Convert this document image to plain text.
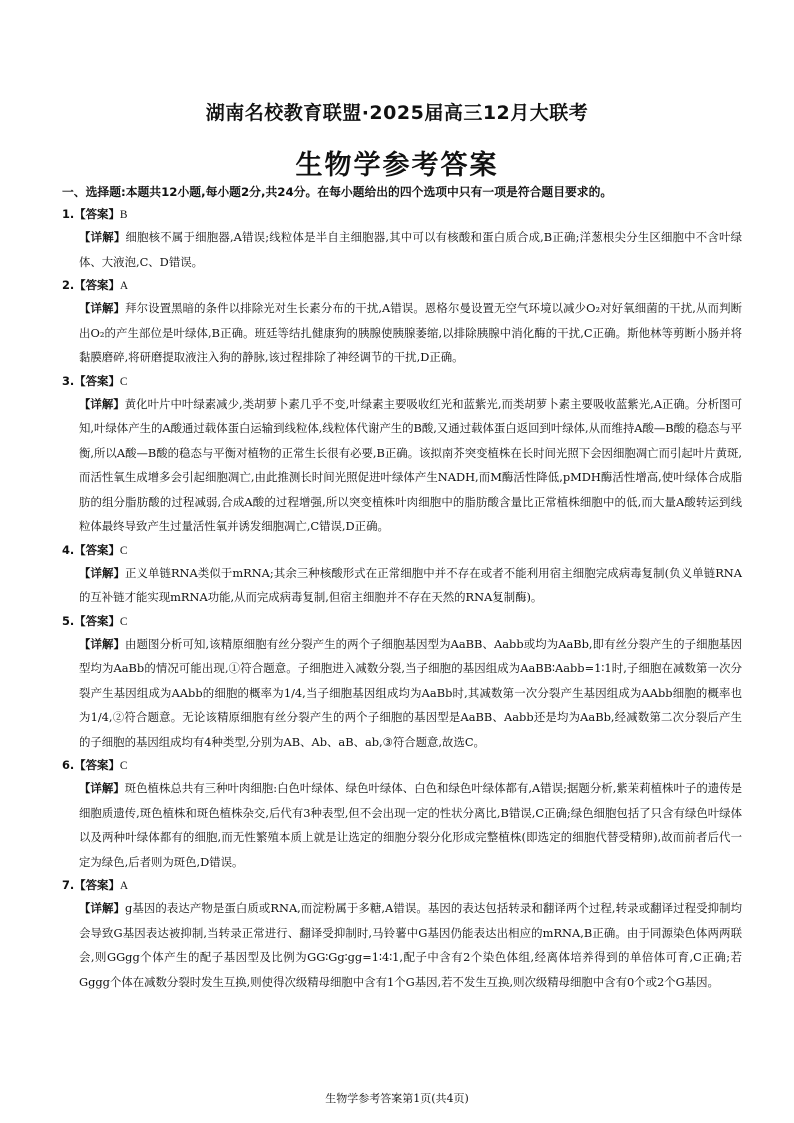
湖南名校教育联盟·2025届高三12月大联考
生物学参考答案
一、选择题:本题共12小题,每小题2分,共24分。在每小题给出的四个选项中只有一项是符合题目要求的。
1.【答案】B
【详解】细胞核不属于细胞器,A错误;线粒体是半自主细胞器,其中可以有核酸和蛋白质合成,B正确;洋葱根尖分生区细胞中不含叶绿体、大液泡,C、D错误。
2.【答案】A
【详解】拜尔设置黑暗的条件以排除光对生长素分布的干扰,A错误。恩格尔曼设置无空气环境以减少O₂对好氧细菌的干扰,从而判断出O₂的产生部位是叶绿体,B正确。班廷等结扎健康狗的胰腺使胰腺萎缩,以排除胰腺中消化酶的干扰,C正确。斯他林等剪断小肠并将黏膜磨碎,将研磨提取液注入狗的静脉,该过程排除了神经调节的干扰,D正确。
3.【答案】C
【详解】黄化叶片中叶绿素减少,类胡萝卜素几乎不变,叶绿素主要吸收红光和蓝紫光,而类胡萝卜素主要吸收蓝紫光,A正确。分析图可知,叶绿体产生的A酸通过载体蛋白运输到线粒体,线粒体代谢产生的B酸,又通过载体蛋白返回到叶绿体,从而维持A酸—B酸的稳态与平衡,所以A酸—B酸的稳态与平衡对植物的正常生长很有必要,B正确。该拟南芥突变植株在长时间光照下会因细胞凋亡而引起叶片黄斑,而活性氧生成增多会引起细胞凋亡,由此推测长时间光照促进叶绿体产生NADH,而M酶活性降低,pMDH酶活性增高,使叶绿体合成脂肪的组分脂肪酸的过程减弱,合成A酸的过程增强,所以突变植株叶肉细胞中的脂肪酸含量比正常植株细胞中的低,而大量A酸转运到线粒体最终导致产生过量活性氧并诱发细胞凋亡,C错误,D正确。
4.【答案】C
【详解】正义单链RNA类似于mRNA;其余三种核酸形式在正常细胞中并不存在或者不能利用宿主细胞完成病毒复制(负义单链RNA的互补链才能实现mRNA功能,从而完成病毒复制,但宿主细胞并不存在天然的RNA复制酶)。
5.【答案】C
【详解】由题图分析可知,该精原细胞有丝分裂产生的两个子细胞基因型为AaBB、Aabb或均为AaBb,即有丝分裂产生的子细胞基因型均为AaBb的情况可能出现,①符合题意。子细胞进入减数分裂,当子细胞的基因组成为AaBB∶Aabb=1∶1时,子细胞在减数第一次分裂产生基因组成为AAbb的细胞的概率为1/4,当子细胞基因组成均为AaBb时,其减数第一次分裂产生基因组成为AAbb细胞的概率也为1/4,②符合题意。无论该精原细胞有丝分裂产生的两个子细胞的基因型是AaBB、Aabb还是均为AaBb,经减数第二次分裂后产生的子细胞的基因组成均有4种类型,分别为AB、Ab、aB、ab,③符合题意,故选C。
6.【答案】C
【详解】斑色植株总共有三种叶肉细胞:白色叶绿体、绿色叶绿体、白色和绿色叶绿体都有,A错误;据题分析,紫茉莉植株叶子的遗传是细胞质遗传,斑色植株和斑色植株杂交,后代有3种表型,但不会出现一定的性状分离比,B错误,C正确;绿色细胞包括了只含有绿色叶绿体以及两种叶绿体都有的细胞,而无性繁殖本质上就是让选定的细胞分裂分化形成完整植株(即选定的细胞代替受精卵),故而前者后代一定为绿色,后者则为斑色,D错误。
7.【答案】A
【详解】g基因的表达产物是蛋白质或RNA,而淀粉属于多糖,A错误。基因的表达包括转录和翻译两个过程,转录或翻译过程受抑制均会导致G基因表达被抑制,当转录正常进行、翻译受抑制时,马铃薯中G基因仍能表达出相应的mRNA,B正确。由于同源染色体两两联会,则GGgg个体产生的配子基因型及比例为GG∶Gg∶gg=1∶4∶1,配子中含有2个染色体组,经离体培养得到的单倍体可育,C正确;若Gggg个体在减数分裂时发生互换,则使得次级精母细胞中含有1个G基因,若不发生互换,则次级精母细胞中含有0个或2个G基因。
生物学参考答案第1页(共4页)
